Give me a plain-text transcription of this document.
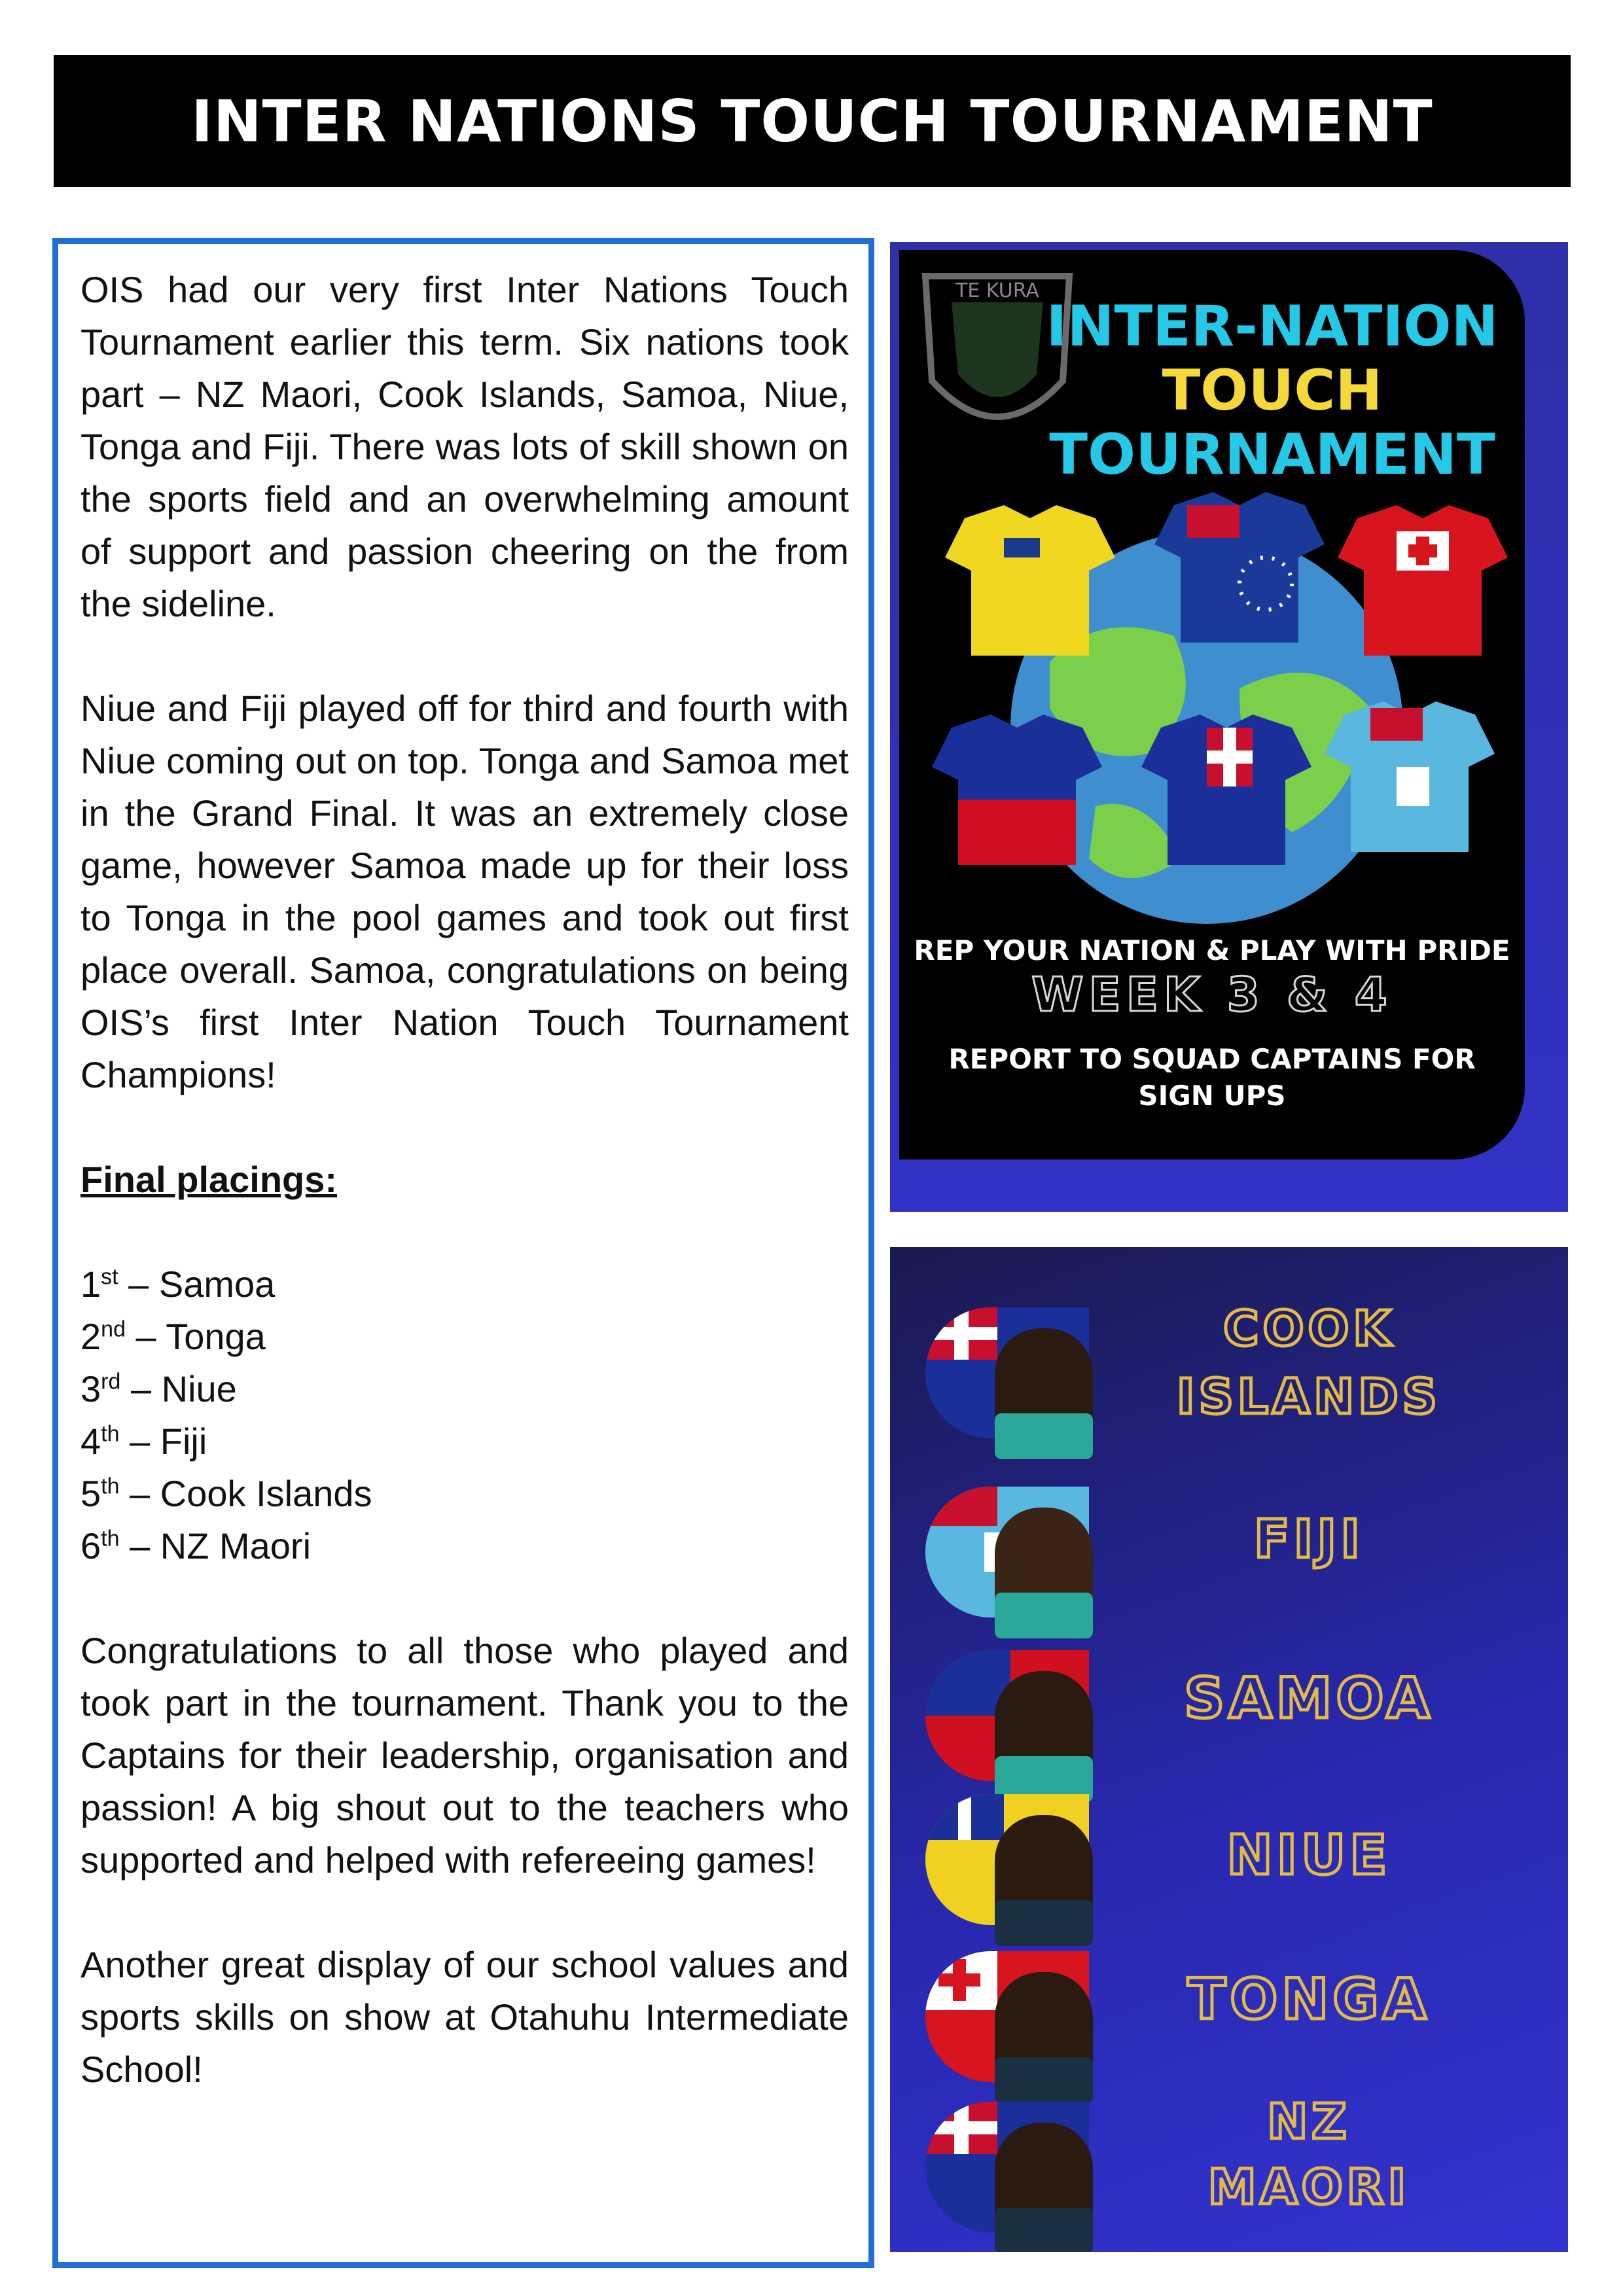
INTER NATIONS TOUCH TOURNAMENT

OIS had our very first Inter Nations Touch Tournament earlier this term. Six nations took part – NZ Maori, Cook Islands, Samoa, Niue, Tonga and Fiji. There was lots of skill shown on the sports field and an overwhelming amount of support and passion cheering on the from the sideline.

Niue and Fiji played off for third and fourth with Niue coming out on top. Tonga and Samoa met in the Grand Final. It was an extremely close game, however Samoa made up for their loss to Tonga in the pool games and took out first place overall. Samoa, congratulations on being OIS’s first Inter Nation Touch Tournament Champions!

Final placings:

1st – Samoa

2nd – Tonga

3rd – Niue

4th – Fiji

5th – Cook Islands

6th – NZ Maori

Congratulations to all those who played and took part in the tournament. Thank you to the Captains for their leadership, organisation and passion! A big shout out to the teachers who supported and helped with refereeing games!

Another great display of our school values and sports skills on show at Otahuhu Intermediate School!

TE KURA
INTER-NATION
TOUCH
TOURNAMENT
REP YOUR NATION & PLAY WITH PRIDE
WEEK 3 & 4
REPORT TO SQUAD CAPTAINS FOR
SIGN UPS
COOK
ISLANDS
FIJI
SAMOA
NIUE
TONGA
NZ
MAORI
